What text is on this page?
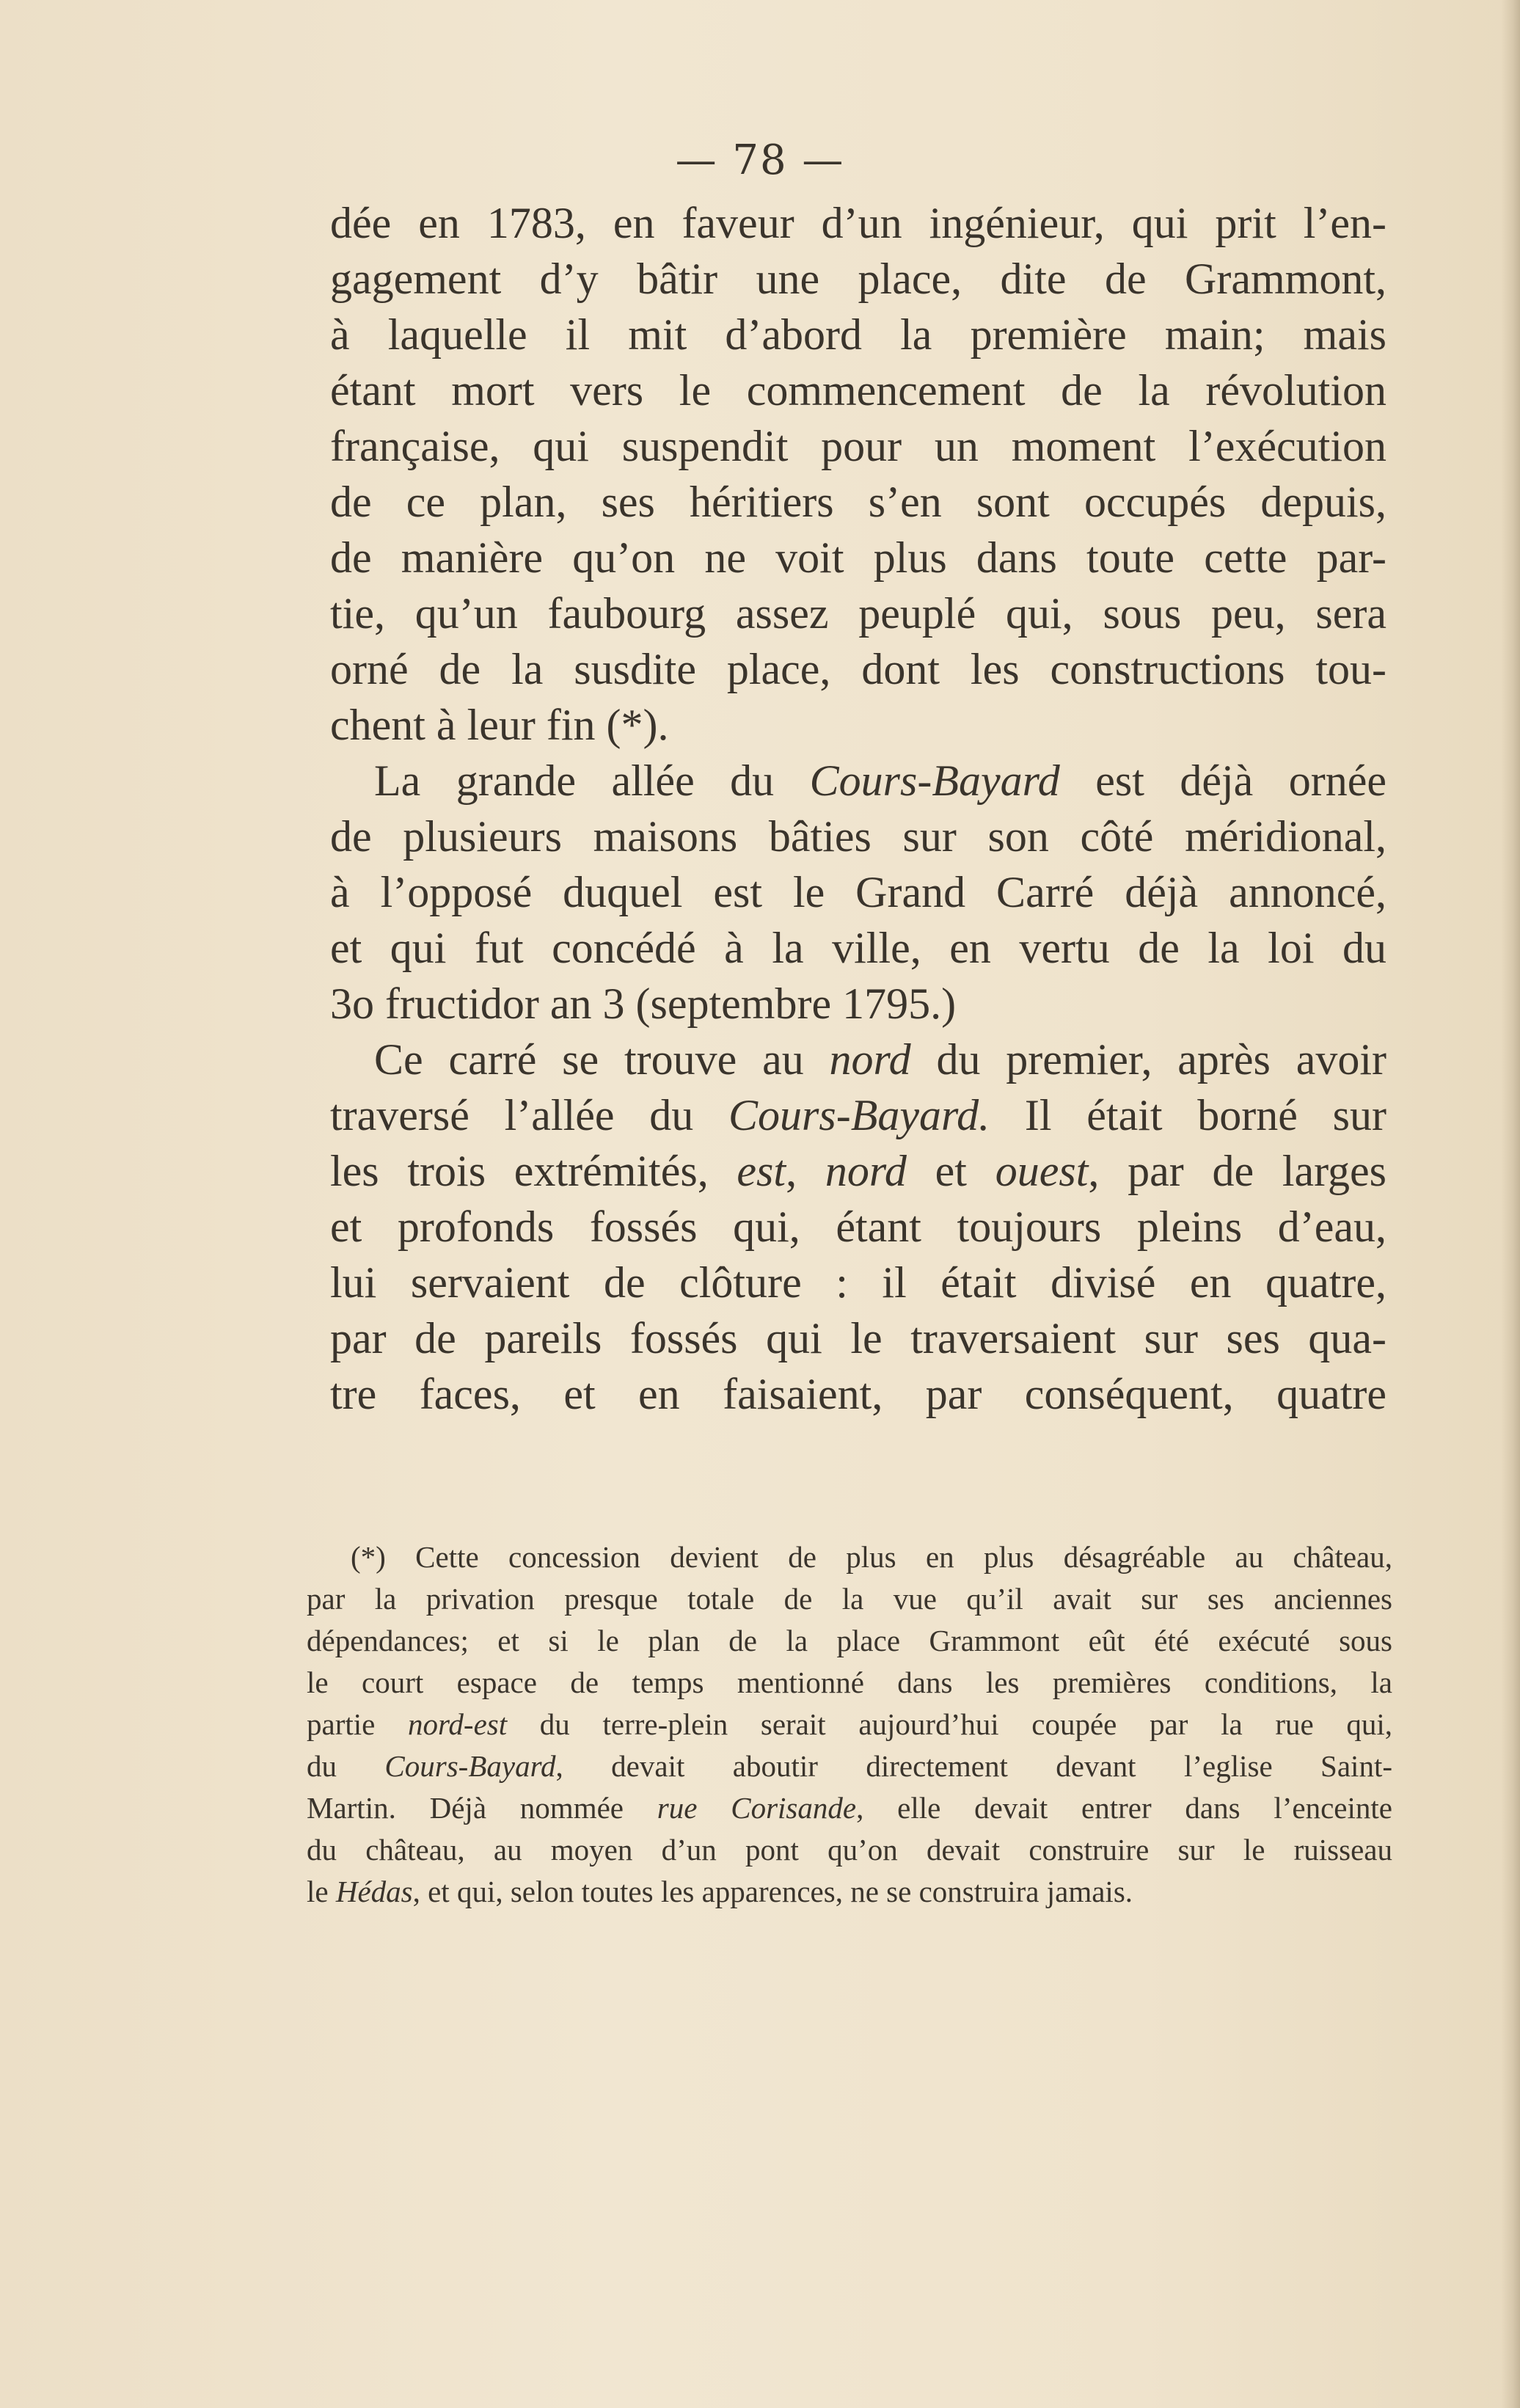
— 78 —
dée en 1783, en faveur d’un ingénieur, qui prit l’en-
gagement d’y bâtir une place, dite de Grammont,
à laquelle il mit d’abord la première main; mais
étant mort vers le commencement de la révolution
française, qui suspendit pour un moment l’exécution
de ce plan, ses héritiers s’en sont occupés depuis,
de manière qu’on ne voit plus dans toute cette par-
tie, qu’un faubourg assez peuplé qui, sous peu, sera
orné de la susdite place, dont les constructions tou-
chent à leur fin (*).
La grande allée du Cours-Bayard est déjà ornée
de plusieurs maisons bâties sur son côté méridional,
à l’opposé duquel est le Grand Carré déjà annoncé,
et qui fut concédé à la ville, en vertu de la loi du
3o fructidor an 3 (septembre 1795.)
Ce carré se trouve au nord du premier, après avoir
traversé l’allée du Cours-Bayard. Il était borné sur
les trois extrémités, est, nord et ouest, par de larges
et profonds fossés qui, étant toujours pleins d’eau,
lui servaient de clôture : il était divisé en quatre,
par de pareils fossés qui le traversaient sur ses qua-
tre faces, et en faisaient, par conséquent, quatre
(*) Cette concession devient de plus en plus désagréable au château,
par la privation presque totale de la vue qu’il avait sur ses anciennes
dépendances; et si le plan de la place Grammont eût été exécuté sous
le court espace de temps mentionné dans les premières conditions, la
partie nord-est du terre-plein serait aujourd’hui coupée par la rue qui,
du Cours-Bayard, devait aboutir directement devant l’eglise Saint-
Martin. Déjà nommée rue Corisande, elle devait entrer dans l’enceinte
du château, au moyen d’un pont qu’on devait construire sur le ruisseau
le Hédas, et qui, selon toutes les apparences, ne se construira jamais.
